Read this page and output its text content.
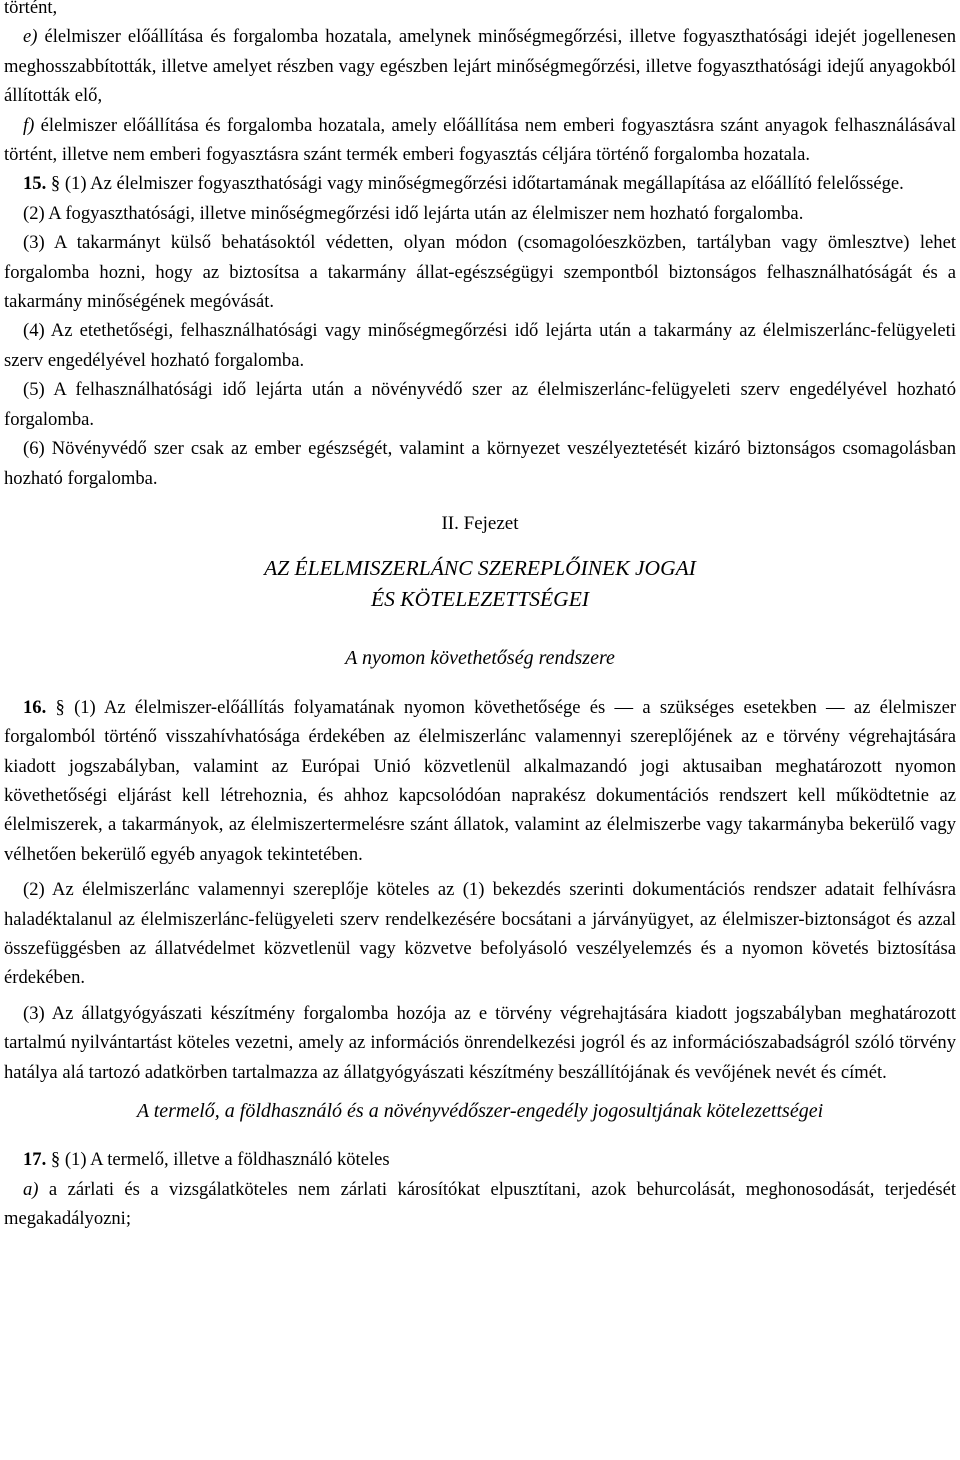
történt,

e) élelmiszer előállítása és forgalomba hozatala, amelynek minőségmegőrzési, illetve fogyaszthatósági idejét jogellenesen meghosszabbították, illetve amelyet részben vagy egészben lejárt minőségmegőrzési, illetve fogyaszthatósági idejű anyagokból állították elő,

f) élelmiszer előállítása és forgalomba hozatala, amely előállítása nem emberi fogyasztásra szánt anyagok felhasználásával történt, illetve nem emberi fogyasztásra szánt termék emberi fogyasztás céljára történő forgalomba hozatala.

15. § (1) Az élelmiszer fogyaszthatósági vagy minőségmegőrzési időtartamának megállapítása az előállító felelőssége.

(2) A fogyaszthatósági, illetve minőségmegőrzési idő lejárta után az élelmiszer nem hozható forgalomba.

(3) A takarmányt külső behatásoktól védetten, olyan módon (csomagolóeszközben, tartályban vagy ömlesztve) lehet forgalomba hozni, hogy az biztosítsa a takarmány állat-egészségügyi szempontból biztonságos felhasználhatóságát és a takarmány minőségének megóvását.

(4) Az etethetőségi, felhasználhatósági vagy minőségmegőrzési idő lejárta után a takarmány az élelmiszerlánc-felügyeleti szerv engedélyével hozható forgalomba.

(5) A felhasználhatósági idő lejárta után a növényvédő szer az élelmiszerlánc-felügyeleti szerv engedélyével hozható forgalomba.

(6) Növényvédő szer csak az ember egészségét, valamint a környezet veszélyeztetését kizáró biztonságos csomagolásban hozható forgalomba.

II. Fejezet

AZ ÉLELMISZERLÁNC SZEREPLŐINEK JOGAI
ÉS KÖTELEZETTSÉGEI

A nyomon követhetőség rendszere

16. § (1) Az élelmiszer-előállítás folyamatának nyomon követhetősége és — a szükséges esetekben — az élelmiszer forgalomból történő visszahívhatósága érdekében az élelmiszerlánc valamennyi szereplőjének az e törvény végrehajtására kiadott jogszabályban, valamint az Európai Unió közvetlenül alkalmazandó jogi aktusaiban meghatározott nyomon követhetőségi eljárást kell létrehoznia, és ahhoz kapcsolódóan naprakész dokumentációs rendszert kell működtetnie az élelmiszerek, a takarmányok, az élelmiszertermelésre szánt állatok, valamint az élelmiszerbe vagy takarmányba bekerülő vagy vélhetően bekerülő egyéb anyagok tekintetében.

(2) Az élelmiszerlánc valamennyi szereplője köteles az (1) bekezdés szerinti dokumentációs rendszer adatait felhívásra haladéktalanul az élelmiszerlánc-felügyeleti szerv rendelkezésére bocsátani a járványügyet, az élelmiszer-biztonságot és azzal összefüggésben az állatvédelmet közvetlenül vagy közvetve befolyásoló veszélyelemzés és a nyomon követés biztosítása érdekében.

(3) Az állatgyógyászati készítmény forgalomba hozója az e törvény végrehajtására kiadott jogszabályban meghatározott tartalmú nyilvántartást köteles vezetni, amely az információs önrendelkezési jogról és az információszabadságról szóló törvény hatálya alá tartozó adatkörben tartalmazza az állatgyógyászati készítmény beszállítójának és vevőjének nevét és címét.

A termelő, a földhasználó és a növényvédőszer-engedély jogosultjának kötelezettségei

17. § (1) A termelő, illetve a földhasználó köteles

a) a zárlati és a vizsgálatköteles nem zárlati károsítókat elpusztítani, azok behurcolását, meghonosodását, terjedését megakadályozni;
